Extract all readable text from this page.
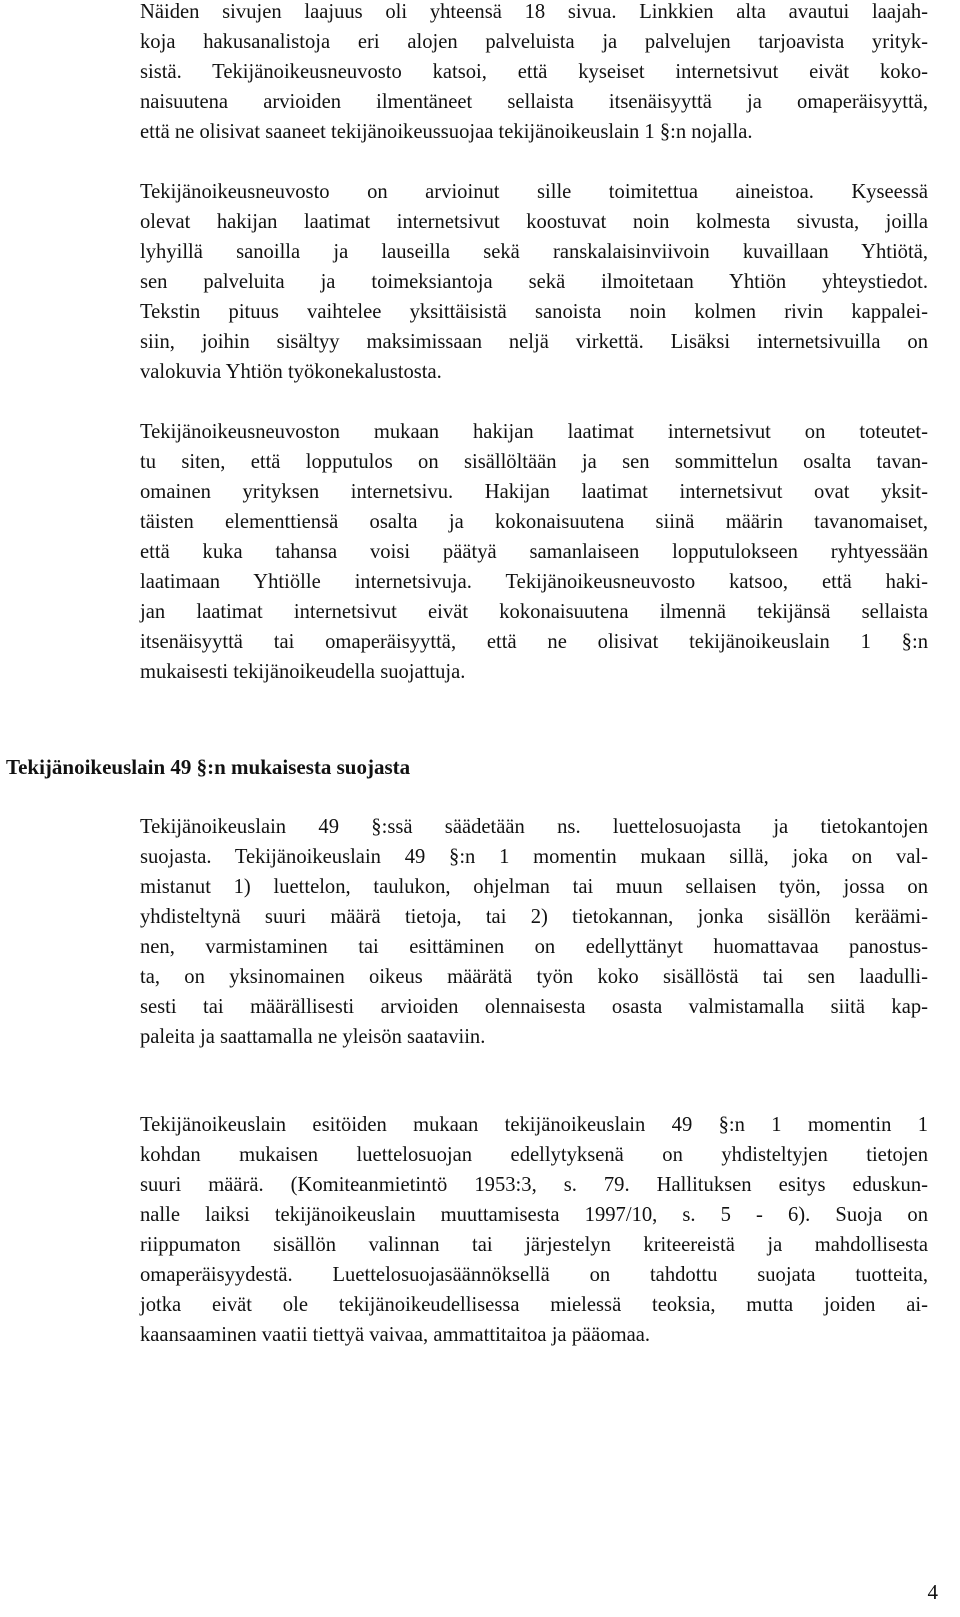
Näiden sivujen laajuus oli yhteensä 18 sivua. Linkkien alta avautui laajah-
koja hakusanalistoja eri alojen palveluista ja palvelujen tarjoavista yrityk-
sistä. Tekijänoikeusneuvosto katsoi, että kyseiset internetsivut eivät koko-
naisuutena arvioiden ilmentäneet sellaista itsenäisyyttä ja omaperäisyyttä,
että ne olisivat saaneet tekijänoikeussuojaa tekijänoikeuslain 1 §:n nojalla.
Tekijänoikeusneuvosto on arvioinut sille toimitettua aineistoa. Kyseessä
olevat hakijan laatimat internetsivut koostuvat noin kolmesta sivusta, joilla
lyhyillä sanoilla ja lauseilla sekä ranskalaisinviivoin kuvaillaan Yhtiötä,
sen palveluita ja toimeksiantoja sekä ilmoitetaan Yhtiön yhteystiedot.
Tekstin pituus vaihtelee yksittäisistä sanoista noin kolmen rivin kappalei-
siin, joihin sisältyy maksimissaan neljä virkettä. Lisäksi internetsivuilla on
valokuvia Yhtiön työkonekalustosta.
Tekijänoikeusneuvoston mukaan hakijan laatimat internetsivut on toteutet-
tu siten, että lopputulos on sisällöltään ja sen sommittelun osalta tavan-
omainen yrityksen internetsivu. Hakijan laatimat internetsivut ovat yksit-
täisten elementtiensä osalta ja kokonaisuutena siinä määrin tavanomaiset,
että kuka tahansa voisi päätyä samanlaiseen lopputulokseen ryhtyessään
laatimaan Yhtiölle internetsivuja. Tekijänoikeusneuvosto katsoo, että haki-
jan laatimat internetsivut eivät kokonaisuutena ilmennä tekijänsä sellaista
itsenäisyyttä tai omaperäisyyttä, että ne olisivat tekijänoikeuslain 1 §:n
mukaisesti tekijänoikeudella suojattuja.
Tekijänoikeuslain 49 §:n mukaisesta suojasta
Tekijänoikeuslain 49 §:ssä säädetään ns. luettelosuojasta ja tietokantojen
suojasta. Tekijänoikeuslain 49 §:n 1 momentin mukaan sillä, joka on val-
mistanut 1) luettelon, taulukon, ohjelman tai muun sellaisen työn, jossa on
yhdisteltynä suuri määrä tietoja, tai 2) tietokannan, jonka sisällön keräämi-
nen, varmistaminen tai esittäminen on edellyttänyt huomattavaa panostus-
ta, on yksinomainen oikeus määrätä työn koko sisällöstä tai sen laadulli-
sesti tai määrällisesti arvioiden olennaisesta osasta valmistamalla siitä kap-
paleita ja saattamalla ne yleisön saataviin.
Tekijänoikeuslain esitöiden mukaan tekijänoikeuslain 49 §:n 1 momentin 1
kohdan mukaisen luettelosuojan edellytyksenä on yhdisteltyjen tietojen
suuri määrä. (Komiteanmietintö 1953:3, s. 79. Hallituksen esitys eduskun-
nalle laiksi tekijänoikeuslain muuttamisesta 1997/10, s. 5 - 6). Suoja on
riippumaton sisällön valinnan tai järjestelyn kriteereistä ja mahdollisesta
omaperäisyydestä. Luettelosuojasäännöksellä on tahdottu suojata tuotteita,
jotka eivät ole tekijänoikeudellisessa mielessä teoksia, mutta joiden ai-
kaansaaminen vaatii tiettyä vaivaa, ammattitaitoa ja pääomaa.
4
